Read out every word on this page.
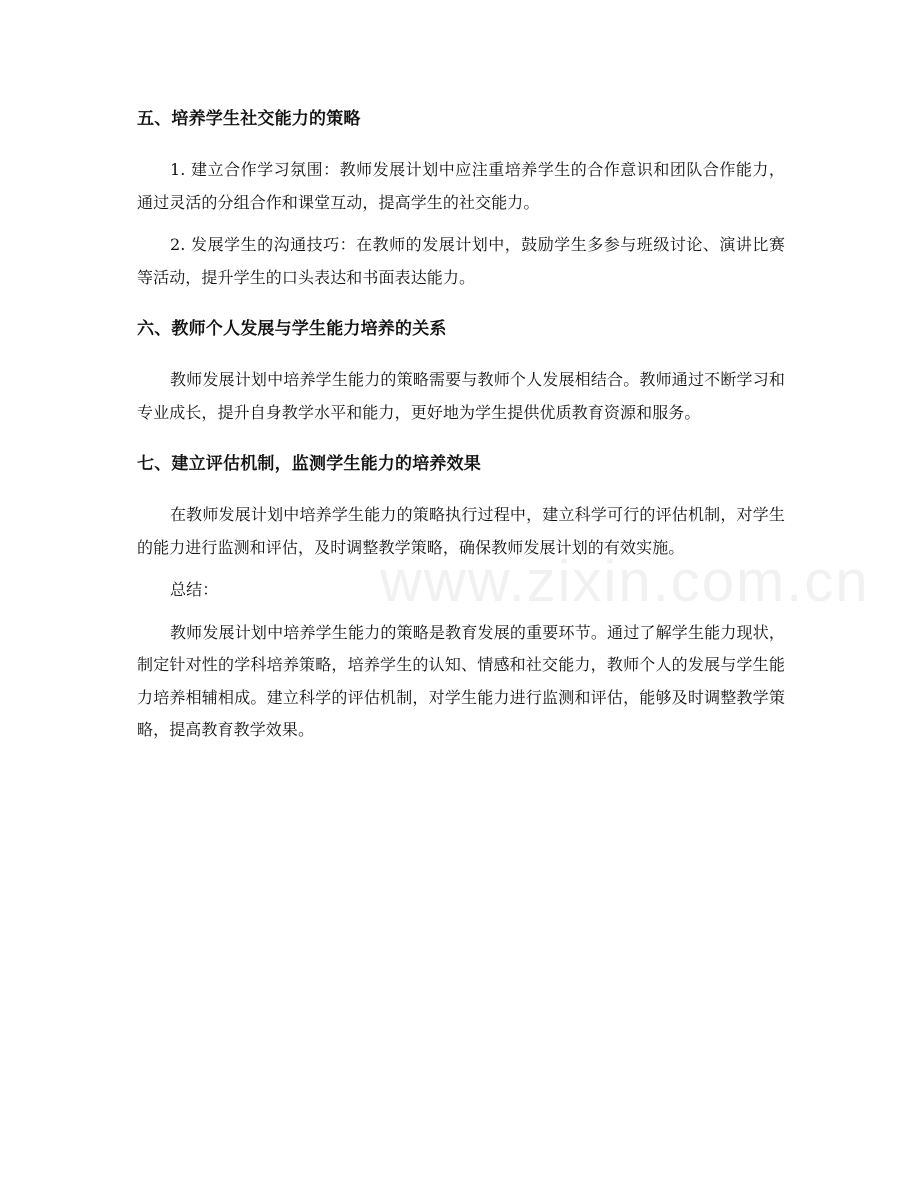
五、培养学生社交能力的策略

1. 建立合作学习氛围：教师发展计划中应注重培养学生的合作意识和团队合作能力，通过灵活的分组合作和课堂互动，提高学生的社交能力。

2. 发展学生的沟通技巧：在教师的发展计划中，鼓励学生多参与班级讨论、演讲比赛等活动，提升学生的口头表达和书面表达能力。

六、教师个人发展与学生能力培养的关系

教师发展计划中培养学生能力的策略需要与教师个人发展相结合。教师通过不断学习和专业成长，提升自身教学水平和能力，更好地为学生提供优质教育资源和服务。

七、建立评估机制，监测学生能力的培养效果

在教师发展计划中培养学生能力的策略执行过程中，建立科学可行的评估机制，对学生的能力进行监测和评估，及时调整教学策略，确保教师发展计划的有效实施。

总结：

教师发展计划中培养学生能力的策略是教育发展的重要环节。通过了解学生能力现状，制定针对性的学科培养策略，培养学生的认知、情感和社交能力，教师个人的发展与学生能力培养相辅相成。建立科学的评估机制，对学生能力进行监测和评估，能够及时调整教学策略，提高教育教学效果。

www.zixin.com.cn
